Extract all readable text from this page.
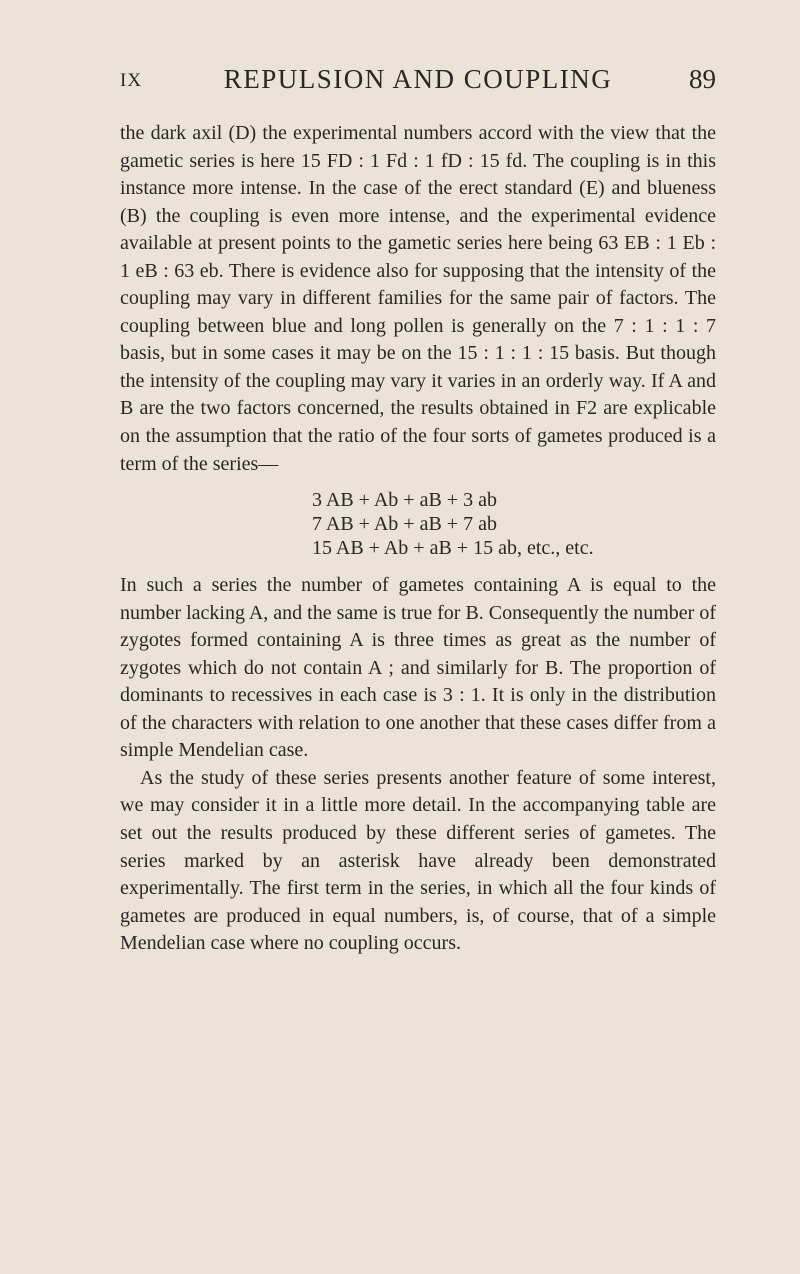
IX	REPULSION AND COUPLING	89

the dark axil (D) the experimental numbers accord with the view that the gametic series is here 15 FD : 1 Fd : 1 fD : 15 fd. The coupling is in this instance more intense. In the case of the erect standard (E) and blueness (B) the coupling is even more intense, and the experimental evidence available at present points to the gametic series here being 63 EB : 1 Eb : 1 eB : 63 eb. There is evidence also for supposing that the intensity of the coupling may vary in different families for the same pair of factors. The coupling between blue and long pollen is generally on the 7 : 1 : 1 : 7 basis, but in some cases it may be on the 15 : 1 : 1 : 15 basis. But though the intensity of the coupling may vary it varies in an orderly way. If A and B are the two factors concerned, the results obtained in F2 are explicable on the assumption that the ratio of the four sorts of gametes produced is a term of the series—

3 AB + Ab + aB + 3 ab
7 AB + Ab + aB + 7 ab
15 AB + Ab + aB + 15 ab, etc., etc.

In such a series the number of gametes containing A is equal to the number lacking A, and the same is true for B. Consequently the number of zygotes formed containing A is three times as great as the number of zygotes which do not contain A ; and similarly for B. The proportion of dominants to recessives in each case is 3 : 1. It is only in the distribution of the characters with relation to one another that these cases differ from a simple Mendelian case.

As the study of these series presents another feature of some interest, we may consider it in a little more detail. In the accompanying table are set out the results produced by these different series of gametes. The series marked by an asterisk have already been demonstrated experimentally. The first term in the series, in which all the four kinds of gametes are produced in equal numbers, is, of course, that of a simple Mendelian case where no coupling occurs.
